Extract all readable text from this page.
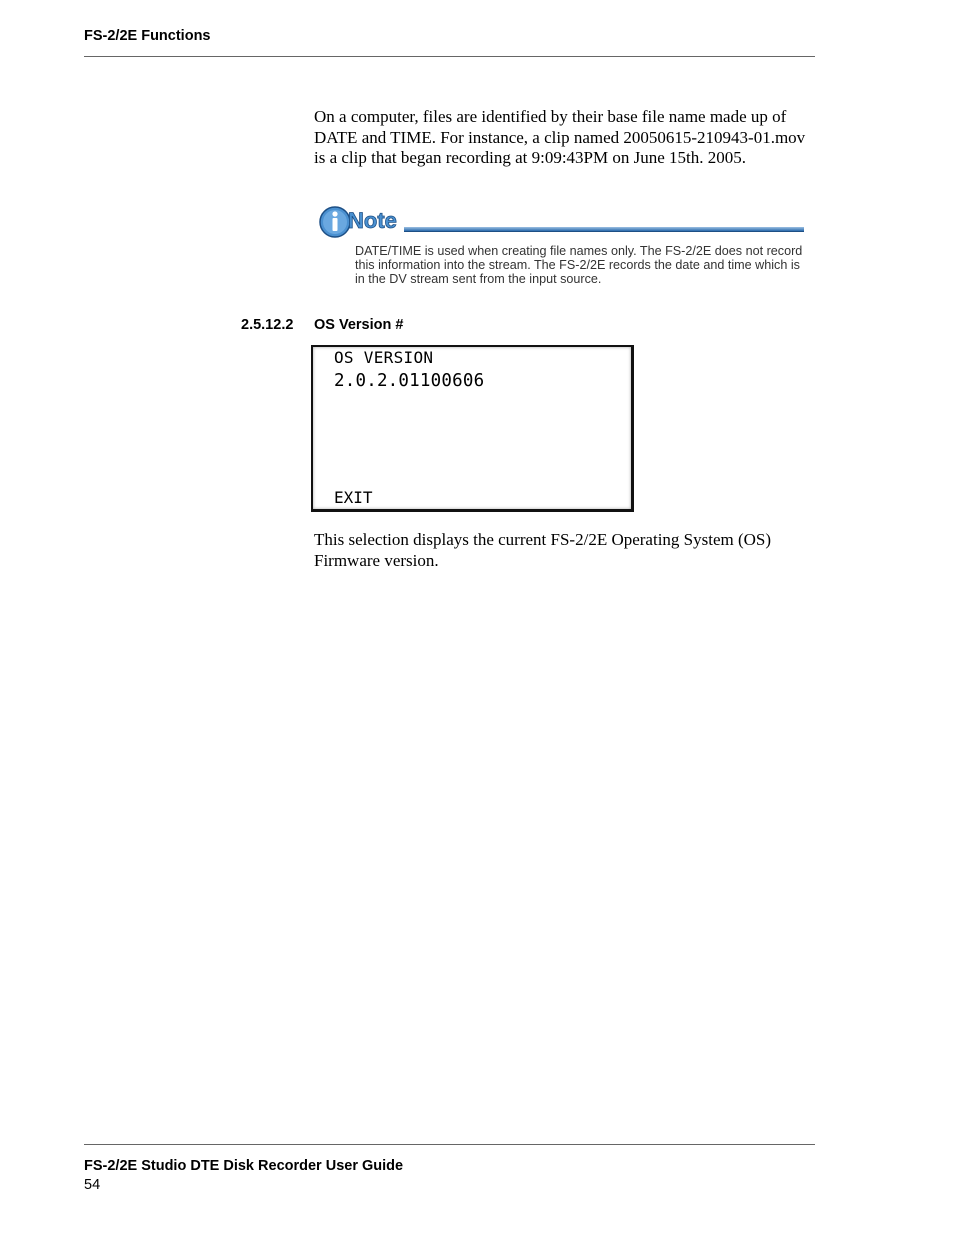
FS-2/2E Functions
On a computer, files are identified by their base file name made up of DATE and TIME. For instance, a clip named 20050615-210943-01.mov is a clip that began recording at 9:09:43PM on June 15th. 2005.
Note
DATE/TIME is used when creating file names only. The FS-2/2E does not record this information into the stream. The FS-2/2E records the date and time which is in the DV stream sent from the input source.
2.5.12.2 OS Version #
OS VERSION
2.0.2.01100606
EXIT
This selection displays the current FS-2/2E Operating System (OS) Firmware version.
FS-2/2E Studio DTE Disk Recorder User Guide
54
